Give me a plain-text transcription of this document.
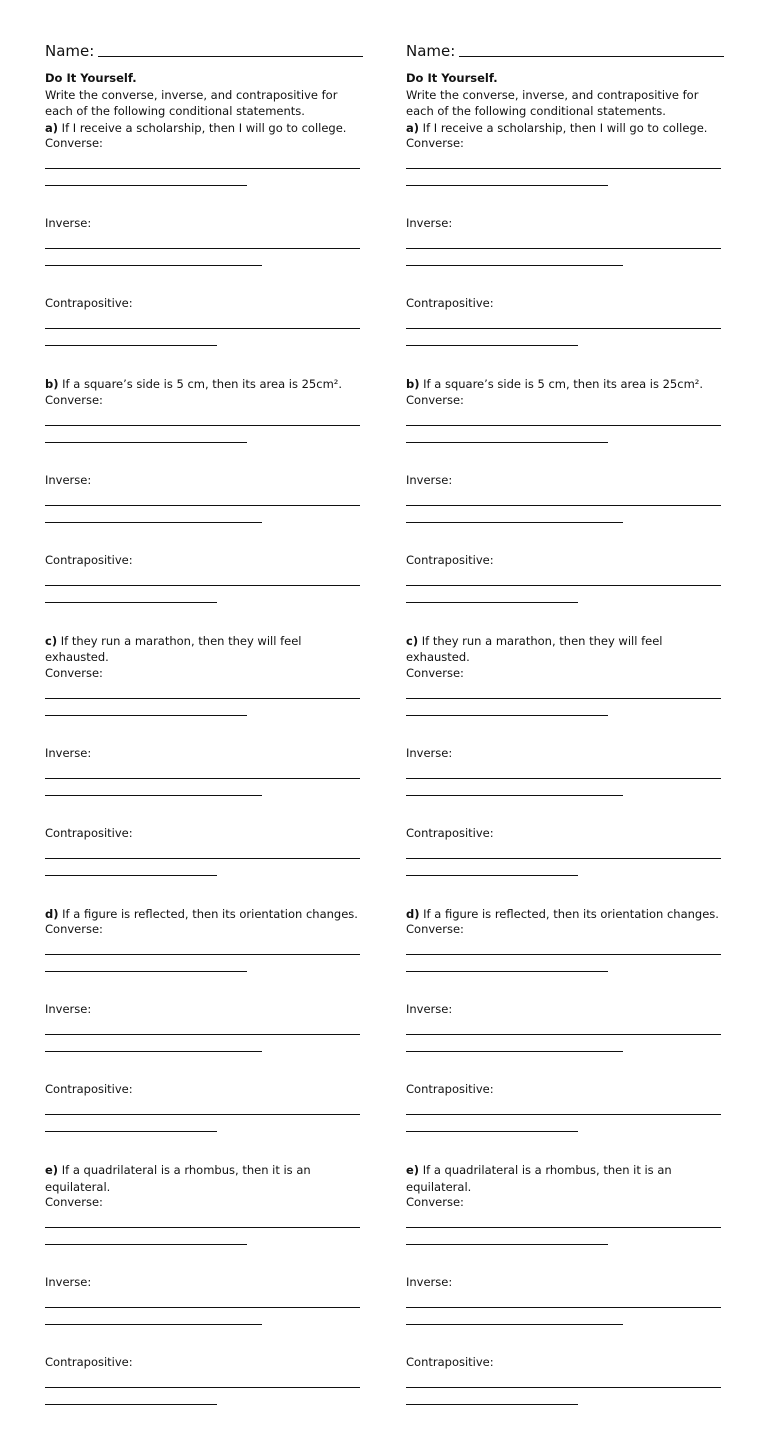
Name:
Do It Yourself.
Write the converse, inverse, and contrapositive for each of the following conditional statements.
a) If I receive a scholarship, then I will go to college.
Converse:
Inverse:
Contrapositive:
b) If a square’s side is 5 cm, then its area is 25cm².
Converse:
Inverse:
Contrapositive:
c) If they run a marathon, then they will feel exhausted.
Converse:
Inverse:
Contrapositive:
d) If a figure is reflected, then its orientation changes.
Converse:
Inverse:
Contrapositive:
e) If a quadrilateral is a rhombus, then it is an equilateral.
Converse:
Inverse:
Contrapositive:
Name:
Do It Yourself.
Write the converse, inverse, and contrapositive for each of the following conditional statements.
a) If I receive a scholarship, then I will go to college.
Converse:
Inverse:
Contrapositive:
b) If a square’s side is 5 cm, then its area is 25cm².
Converse:
Inverse:
Contrapositive:
c) If they run a marathon, then they will feel exhausted.
Converse:
Inverse:
Contrapositive:
d) If a figure is reflected, then its orientation changes.
Converse:
Inverse:
Contrapositive:
e) If a quadrilateral is a rhombus, then it is an equilateral.
Converse:
Inverse:
Contrapositive:
